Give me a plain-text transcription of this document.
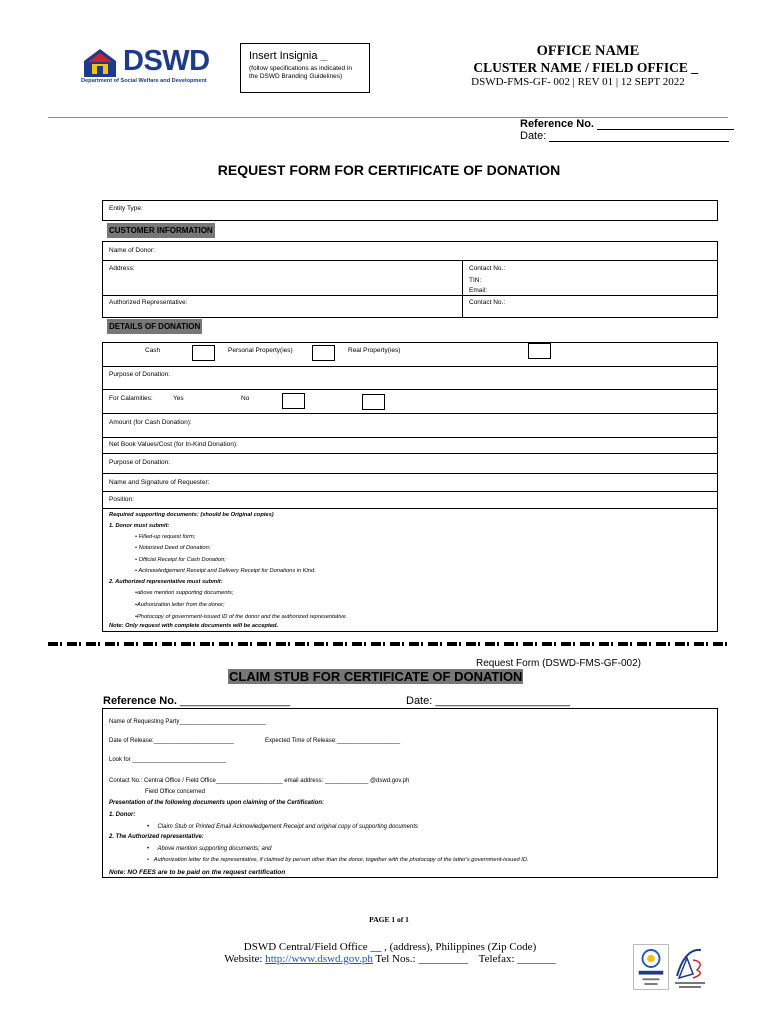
DSWD
Department of Social Welfare and Development
Insert Insignia __
(follow specifications as indicated in the DSWD Branding Guidelines)
OFFICE NAME
CLUSTER NAME / FIELD OFFICE _
DSWD-FMS-GF- 002 | REV 01 | 12 SEPT 2022
Reference No.
Date:
REQUEST FORM FOR CERTIFICATE OF DONATION
Entity Type:
CUSTOMER INFORMATION
Name of Donor:
Address:	Contact No.:
TIN:
Email:
Authorized Representative:	Contact No.:
DETAILS OF DONATION
Cash	Personal Property(ies)	Real Property(ies)
Purpose of Donation:
For Calamities:	Yes	No
Amount (for Cash Donation):
Net Book Values/Cost (for In-Kind Donation):
Purpose of Donation:
Name and Signature of Requester:
Position:
Required supporting documents: (should be Original copies)
1. Donor must submit:
• Filled-up request form;
• Notarized Deed of Donation;
• Official Receipt for Cash Donation;
• Acknowledgement Receipt and Delivery Receipt for Donations in Kind.
2. Authorized representative must submit:
•above mention supporting documents;
•Authorization letter from the donor;
•Photocopy of government-issued ID of the donor and the authorized representative.
Note: Only request with complete documents will be accepted.
Request Form (DSWD-FMS-GF-002)
CLAIM STUB FOR CERTIFICATE OF DONATION
Reference No. __________________	Date: ______________________
Name of Requesting Party__________________________
Date of Release:________________________	Expected Time of Release:___________________
Look for ____________________________
Contact No.: Central Office / Field Office____________________ email address: _____________ @dswd.gov.ph
Field Office concerned
Presentation of the following documents upon claiming of the Certification:
1. Donor:
•     Claim Stub or Printed Email Acknowledgement Receipt and original copy of supporting documents
2. The Authorized representative:
•     Above mention supporting documents; and
•   Authorization letter for the representative, if claimed by person other than the donor, together with the photocopy of the latter's government-issued ID.
Note: NO FEES are to be paid on the request certification
PAGE 1 of 1
DSWD Central/Field Office __ , (address), Philippines (Zip Code)
Website: http://www.dswd.gov.ph Tel Nos.: _________ Telefax: _______
